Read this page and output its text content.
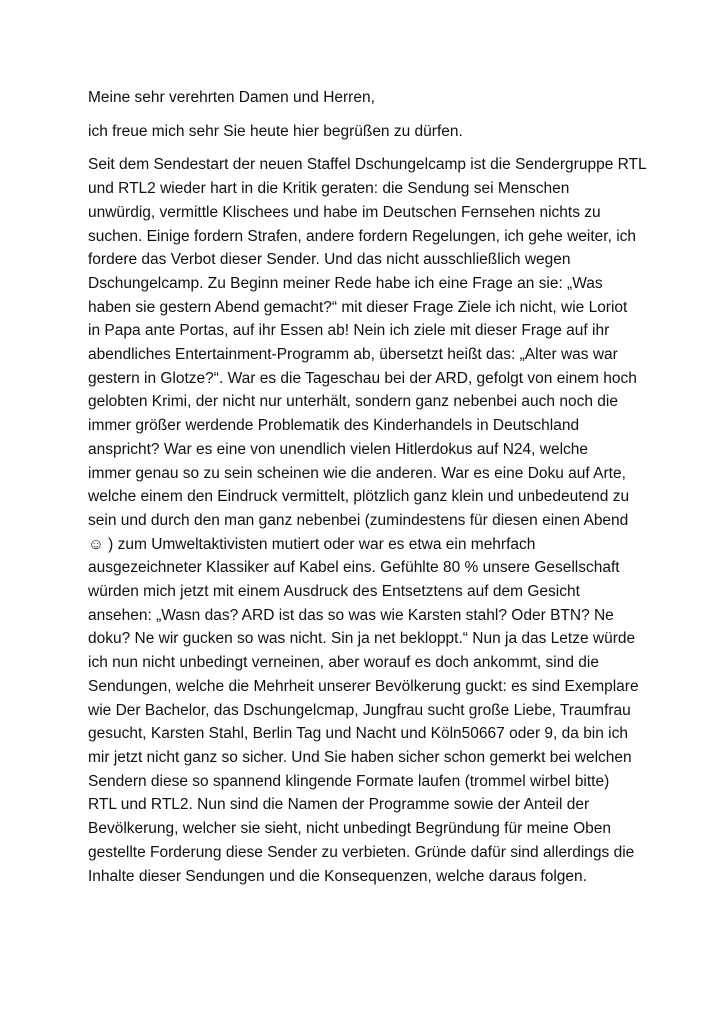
Meine sehr verehrten Damen und Herren,

ich freue mich sehr Sie heute hier begrüßen zu dürfen.

Seit dem Sendestart der neuen Staffel Dschungelcamp ist die Sendergruppe RTL
und RTL2 wieder hart in die Kritik geraten: die Sendung sei Menschen
unwürdig, vermittle Klischees und habe im Deutschen Fernsehen nichts zu
suchen. Einige fordern Strafen, andere fordern Regelungen, ich gehe weiter, ich
fordere das Verbot dieser Sender. Und das nicht ausschließlich wegen
Dschungelcamp. Zu Beginn meiner Rede habe ich eine Frage an sie: „Was
haben sie gestern Abend gemacht?“ mit dieser Frage Ziele ich nicht, wie Loriot
in Papa ante Portas, auf ihr Essen ab! Nein ich ziele mit dieser Frage auf ihr
abendliches Entertainment-Programm ab, übersetzt heißt das: „Alter was war
gestern in Glotze?“. War es die Tageschau bei der ARD, gefolgt von einem hoch
gelobten Krimi, der nicht nur unterhält, sondern ganz nebenbei auch noch die
immer größer werdende Problematik des Kinderhandels in Deutschland
anspricht? War es eine von unendlich vielen Hitlerdokus auf N24, welche
immer genau so zu sein scheinen wie die anderen. War es eine Doku auf Arte,
welche einem den Eindruck vermittelt, plötzlich ganz klein und unbedeutend zu
sein und durch den man ganz nebenbei (zumindestens für diesen einen Abend
☺ ) zum Umweltaktivisten mutiert oder war es etwa ein mehrfach
ausgezeichneter Klassiker auf Kabel eins. Gefühlte 80 % unsere Gesellschaft
würden mich jetzt mit einem Ausdruck des Entsetztens auf dem Gesicht
ansehen: „Wasn das? ARD ist das so was wie Karsten stahl? Oder BTN? Ne
doku? Ne wir gucken so was nicht. Sin ja net bekloppt.“ Nun ja das Letze würde
ich nun nicht unbedingt verneinen, aber worauf es doch ankommt, sind die
Sendungen, welche die Mehrheit unserer Bevölkerung guckt: es sind Exemplare
wie Der Bachelor, das Dschungelcmap, Jungfrau sucht große Liebe, Traumfrau
gesucht, Karsten Stahl, Berlin Tag und Nacht und Köln50667 oder 9, da bin ich
mir jetzt nicht ganz so sicher. Und Sie haben sicher schon gemerkt bei welchen
Sendern diese so spannend klingende Formate laufen (trommel wirbel bitte)
RTL und RTL2. Nun sind die Namen der Programme sowie der Anteil der
Bevölkerung, welcher sie sieht, nicht unbedingt Begründung für meine Oben
gestellte Forderung diese Sender zu verbieten. Gründe dafür sind allerdings die
Inhalte dieser Sendungen und die Konsequenzen, welche daraus folgen.
